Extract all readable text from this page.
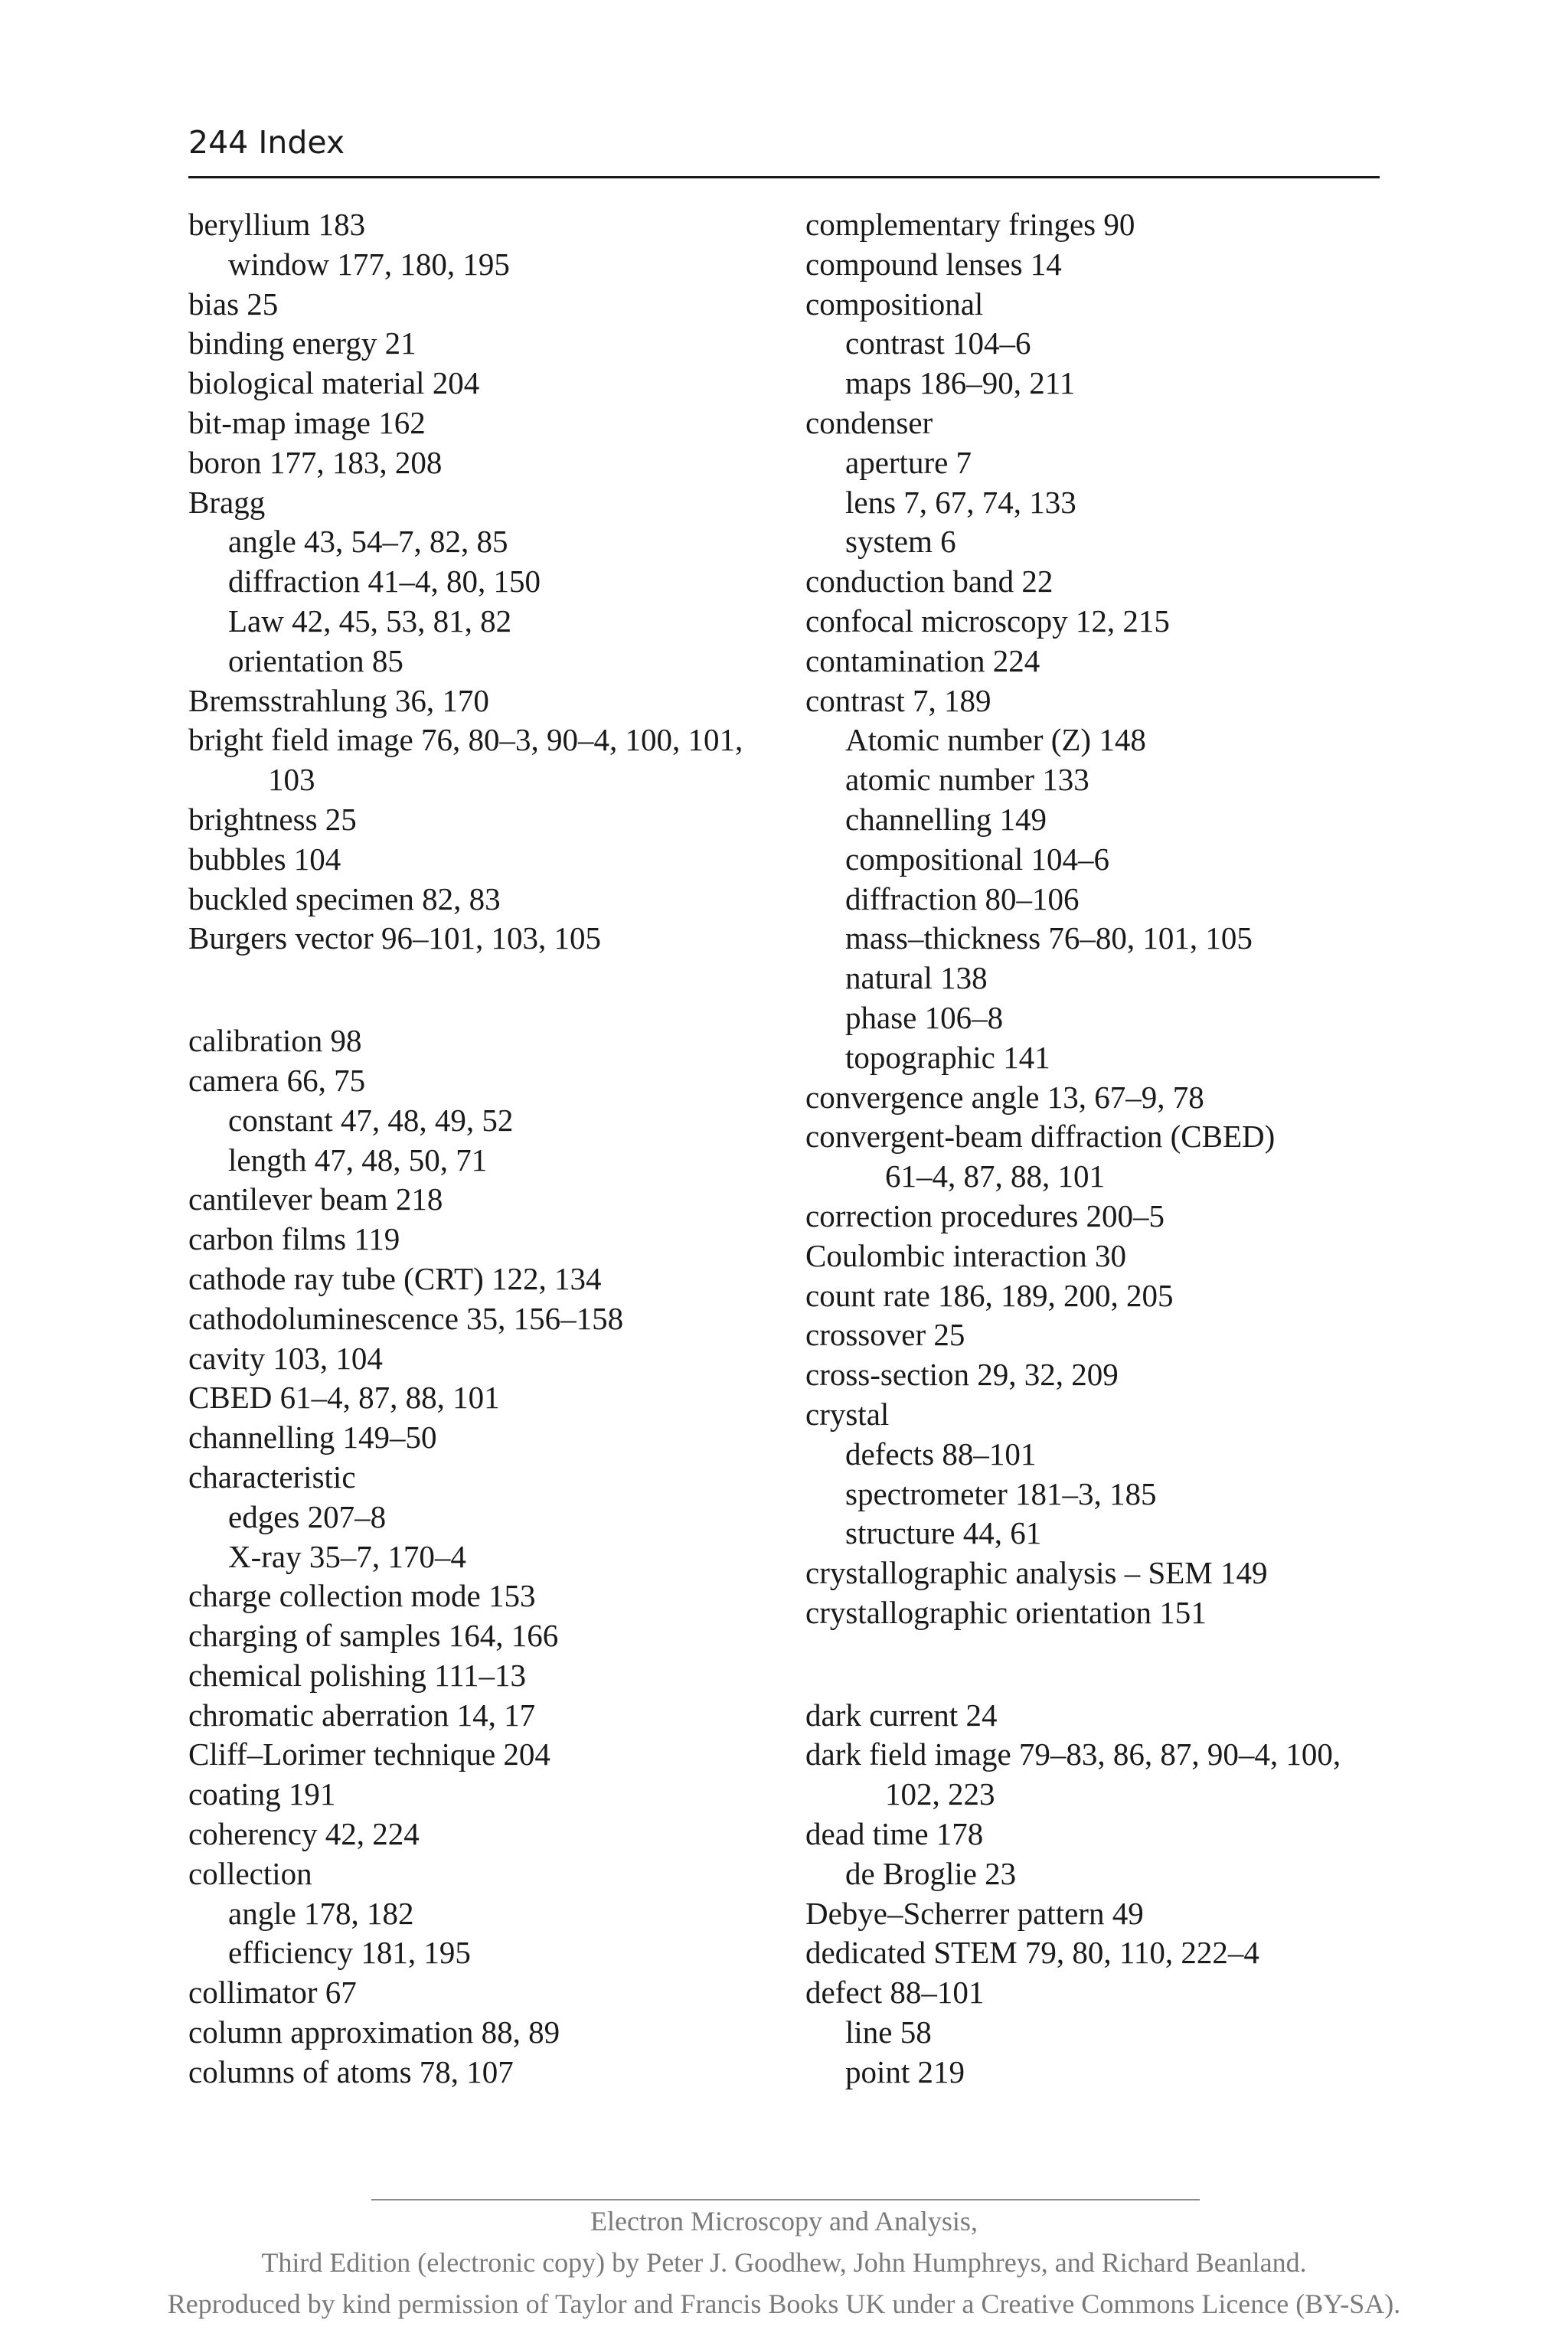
244 Index
beryllium 183
window 177, 180, 195
bias 25
binding energy 21
biological material 204
bit-map image 162
boron 177, 183, 208
Bragg
angle 43, 54–7, 82, 85
diffraction 41–4, 80, 150
Law 42, 45, 53, 81, 82
orientation 85
Bremsstrahlung 36, 170
bright field image 76, 80–3, 90–4, 100, 101,
103
brightness 25
bubbles 104
buckled specimen 82, 83
Burgers vector 96–101, 103, 105
calibration 98
camera 66, 75
constant 47, 48, 49, 52
length 47, 48, 50, 71
cantilever beam 218
carbon films 119
cathode ray tube (CRT) 122, 134
cathodoluminescence 35, 156–158
cavity 103, 104
CBED 61–4, 87, 88, 101
channelling 149–50
characteristic
edges 207–8
X-ray 35–7, 170–4
charge collection mode 153
charging of samples 164, 166
chemical polishing 111–13
chromatic aberration 14, 17
Cliff–Lorimer technique 204
coating 191
coherency 42, 224
collection
angle 178, 182
efficiency 181, 195
collimator 67
column approximation 88, 89
columns of atoms 78, 107
complementary fringes 90
compound lenses 14
compositional
contrast 104–6
maps 186–90, 211
condenser
aperture 7
lens 7, 67, 74, 133
system 6
conduction band 22
confocal microscopy 12, 215
contamination 224
contrast 7, 189
Atomic number (Z) 148
atomic number 133
channelling 149
compositional 104–6
diffraction 80–106
mass–thickness 76–80, 101, 105
natural 138
phase 106–8
topographic 141
convergence angle 13, 67–9, 78
convergent-beam diffraction (CBED)
61–4, 87, 88, 101
correction procedures 200–5
Coulombic interaction 30
count rate 186, 189, 200, 205
crossover 25
cross-section 29, 32, 209
crystal
defects 88–101
spectrometer 181–3, 185
structure 44, 61
crystallographic analysis – SEM 149
crystallographic orientation 151
dark current 24
dark field image 79–83, 86, 87, 90–4, 100,
102, 223
dead time 178
de Broglie 23
Debye–Scherrer pattern 49
dedicated STEM 79, 80, 110, 222–4
defect 88–101
line 58
point 219
Electron Microscopy and Analysis,
Third Edition (electronic copy) by Peter J. Goodhew, John Humphreys, and Richard Beanland.
Reproduced by kind permission of Taylor and Francis Books UK under a Creative Commons Licence (BY-SA).
